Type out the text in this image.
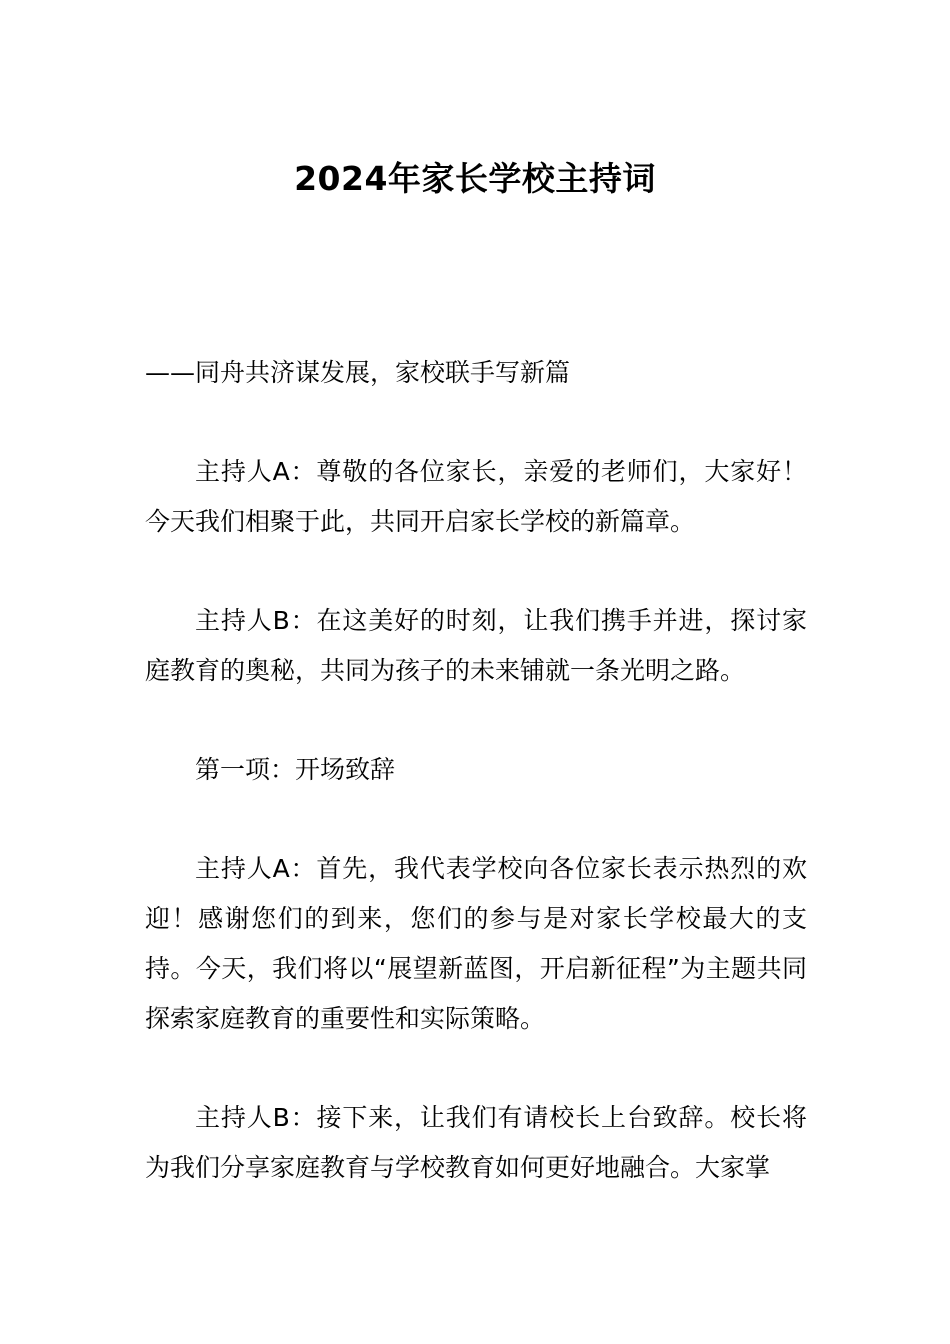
2024年家长学校主持词

——同舟共济谋发展，家校联手写新篇

主持人A：尊敬的各位家长，亲爱的老师们，大家好！今天我们相聚于此，共同开启家长学校的新篇章。

主持人B：在这美好的时刻，让我们携手并进，探讨家庭教育的奥秘，共同为孩子的未来铺就一条光明之路。

第一项：开场致辞

主持人A：首先，我代表学校向各位家长表示热烈的欢迎！感谢您们的到来，您们的参与是对家长学校最大的支持。今天，我们将以“展望新蓝图，开启新征程”为主题共同探索家庭教育的重要性和实际策略。

主持人B：接下来，让我们有请校长上台致辞。校长将为我们分享家庭教育与学校教育如何更好地融合。大家掌
